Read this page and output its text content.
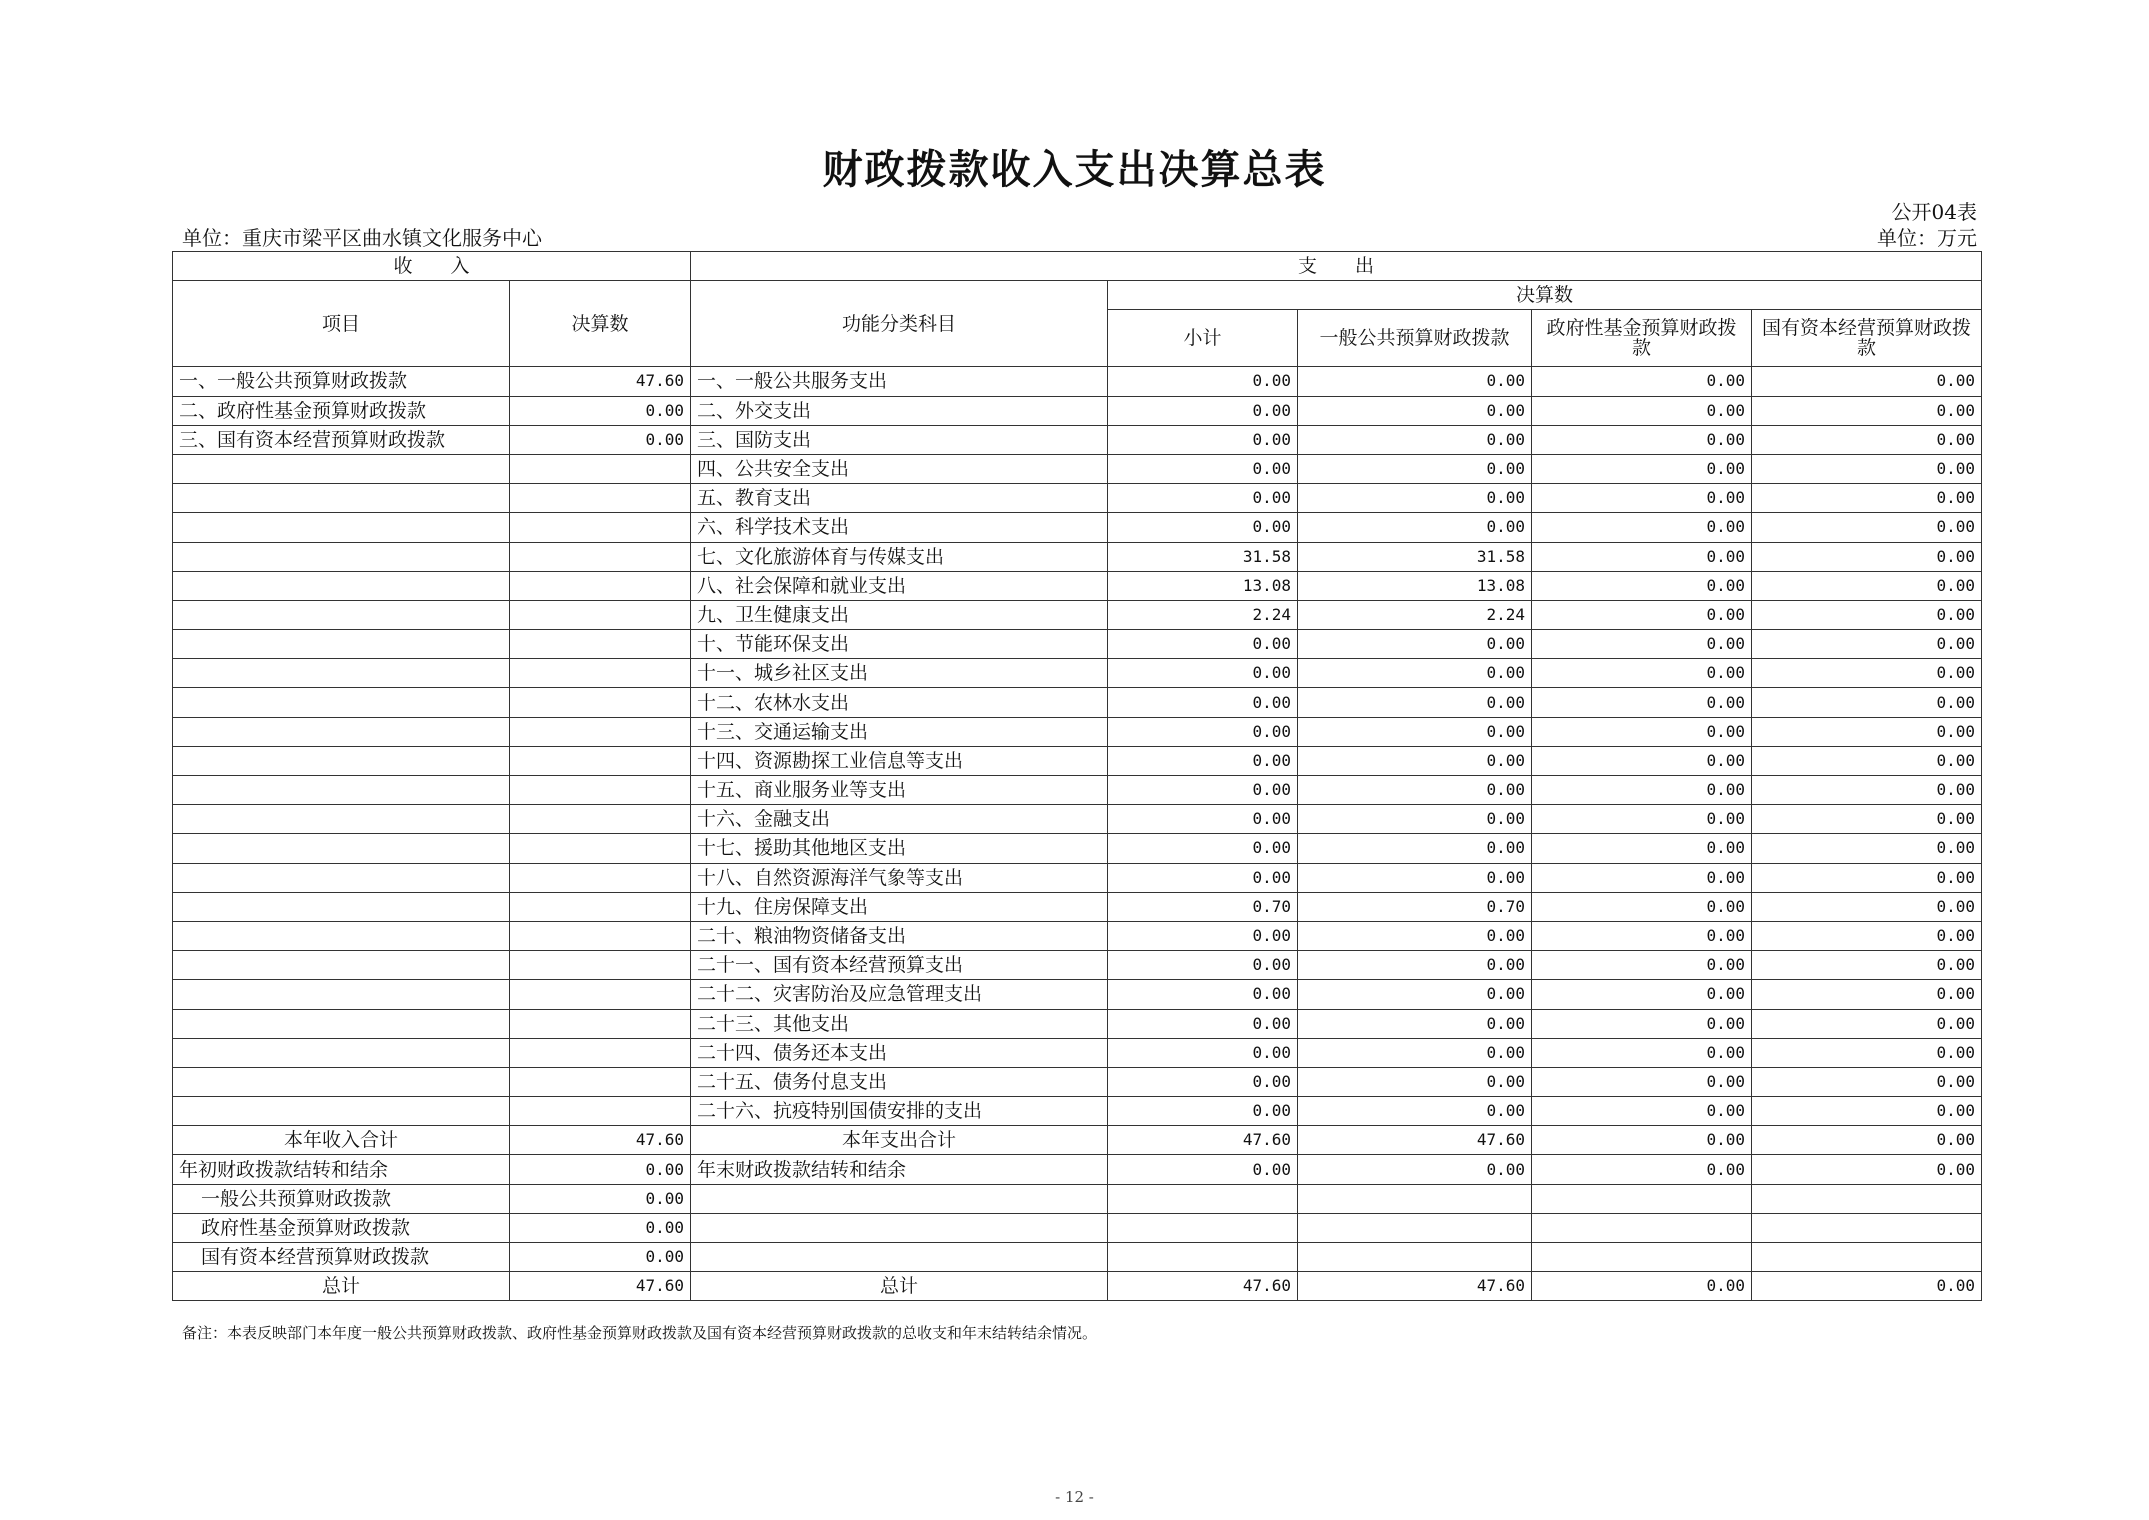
财政拨款收入支出决算总表
公开04表
单位：重庆市梁平区曲水镇文化服务中心	单位：万元
收　　入		支　　出				
项目	决算数	功能分类科目	决算数			
			小计	一般公共预算财政拨款	政府性基金预算财政拨款	国有资本经营预算财政拨款
一、一般公共预算财政拨款	47.60	一、一般公共服务支出	0.00	0.00	0.00	0.00
二、政府性基金预算财政拨款	0.00	二、外交支出	0.00	0.00	0.00	0.00
三、国有资本经营预算财政拨款	0.00	三、国防支出	0.00	0.00	0.00	0.00
		四、公共安全支出	0.00	0.00	0.00	0.00
		五、教育支出	0.00	0.00	0.00	0.00
		六、科学技术支出	0.00	0.00	0.00	0.00
		七、文化旅游体育与传媒支出	31.58	31.58	0.00	0.00
		八、社会保障和就业支出	13.08	13.08	0.00	0.00
		九、卫生健康支出	2.24	2.24	0.00	0.00
		十、节能环保支出	0.00	0.00	0.00	0.00
		十一、城乡社区支出	0.00	0.00	0.00	0.00
		十二、农林水支出	0.00	0.00	0.00	0.00
		十三、交通运输支出	0.00	0.00	0.00	0.00
		十四、资源勘探工业信息等支出	0.00	0.00	0.00	0.00
		十五、商业服务业等支出	0.00	0.00	0.00	0.00
		十六、金融支出	0.00	0.00	0.00	0.00
		十七、援助其他地区支出	0.00	0.00	0.00	0.00
		十八、自然资源海洋气象等支出	0.00	0.00	0.00	0.00
		十九、住房保障支出	0.70	0.70	0.00	0.00
		二十、粮油物资储备支出	0.00	0.00	0.00	0.00
		二十一、国有资本经营预算支出	0.00	0.00	0.00	0.00
		二十二、灾害防治及应急管理支出	0.00	0.00	0.00	0.00
		二十三、其他支出	0.00	0.00	0.00	0.00
		二十四、债务还本支出	0.00	0.00	0.00	0.00
		二十五、债务付息支出	0.00	0.00	0.00	0.00
		二十六、抗疫特别国债安排的支出	0.00	0.00	0.00	0.00
本年收入合计	47.60	本年支出合计	47.60	47.60	0.00	0.00
年初财政拨款结转和结余	0.00	年末财政拨款结转和结余	0.00	0.00	0.00	0.00
一般公共预算财政拨款	0.00					
政府性基金预算财政拨款	0.00					
国有资本经营预算财政拨款	0.00					
总计	47.60	总计	47.60	47.60	0.00	0.00
备注：本表反映部门本年度一般公共预算财政拨款、政府性基金预算财政拨款及国有资本经营预算财政拨款的总收支和年末结转结余情况。
- 12 -
